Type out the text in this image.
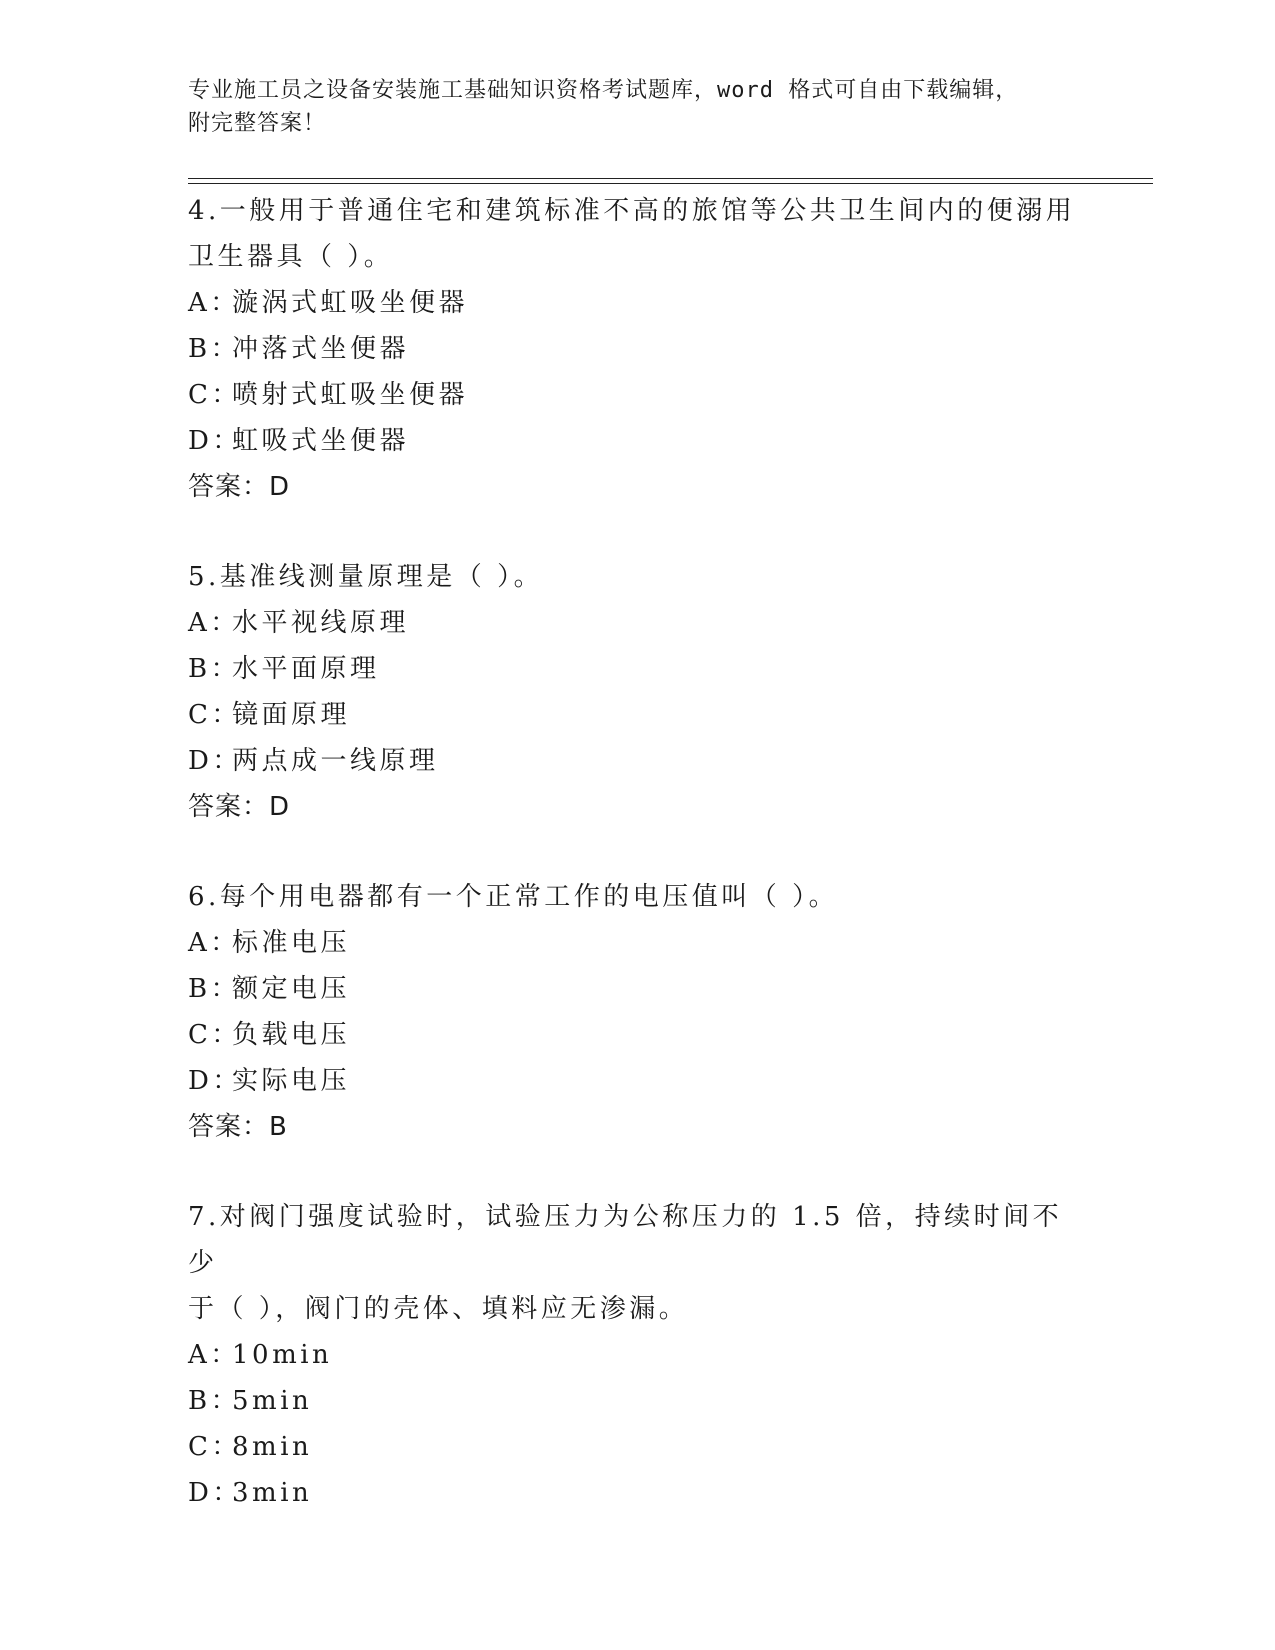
专业施工员之设备安装施工基础知识资格考试题库，word 格式可自由下载编辑，
附完整答案！
4.一般用于普通住宅和建筑标准不高的旅馆等公共卫生间内的便溺用
卫生器具（ ）。
A：漩涡式虹吸坐便器
B：冲落式坐便器
C：喷射式虹吸坐便器
D：虹吸式坐便器
答案：D
5.基准线测量原理是（ ）。
A：水平视线原理
B：水平面原理
C：镜面原理
D：两点成一线原理
答案：D
6.每个用电器都有一个正常工作的电压值叫（ ）。
A：标准电压
B：额定电压
C：负载电压
D：实际电压
答案：B
7.对阀门强度试验时，试验压力为公称压力的 1.5 倍，持续时间不少
于（ ），阀门的壳体、填料应无渗漏。
A：10min
B：5min
C：8min
D：3min
